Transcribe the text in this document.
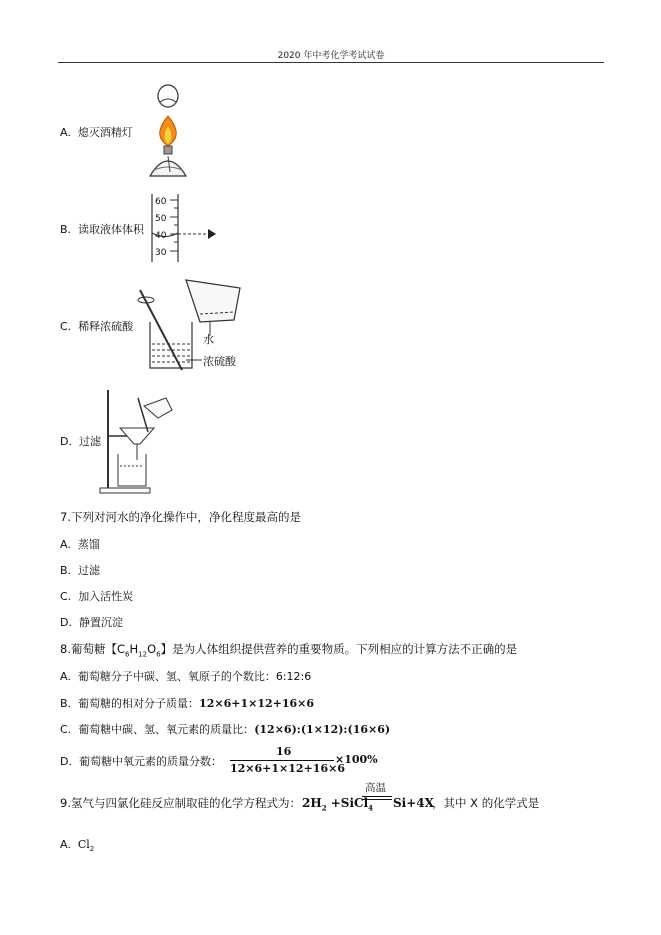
2020 年中考化学考试试卷
A. 熄灭酒精灯
B. 读取液体体积
60
50
40
30
C. 稀释浓硫酸
水
浓硫酸
D. 过滤
7.下列对河水的净化操作中，净化程度最高的是
A. 蒸馏
B. 过滤
C. 加入活性炭
D. 静置沉淀
8.葡萄糖【$C_6H_{12}O_6$】是为人体组织提供营养的重要物质。下列相应的计算方法不正确的是
A. 葡萄糖分子中碳、氢、氧原子的个数比：6:12:6
B. 葡萄糖的相对分子质量：12×6+1×12+16×6
C. 葡萄糖中碳、氢、氧元素的质量比：(12×6):(1×12):(16×6)
D. 葡萄糖中氧元素的质量分数：
16
12×6+1×12+16×6
×100%
9.氢气与四氯化硅反应制取硅的化学方程式为： $2H_2$ +SiCl$_4$
高温
Si+4X
，其中 X 的化学式是
A. $Cl_2$
